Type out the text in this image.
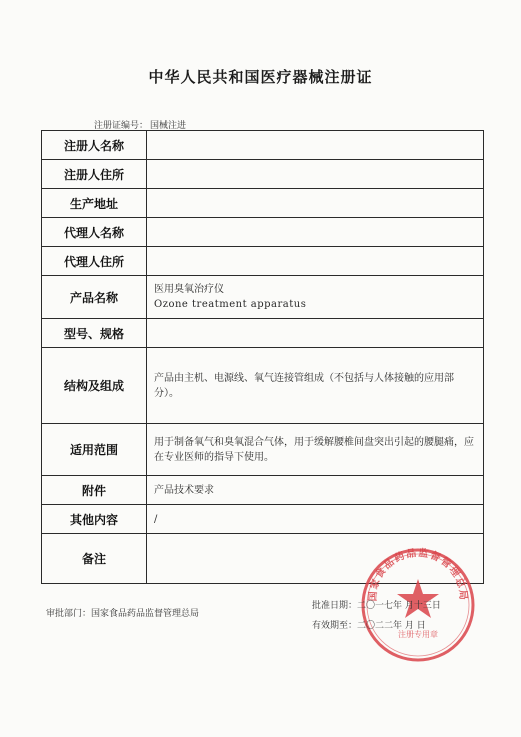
中华人民共和国医疗器械注册证
注册证编号： 国械注进
注册人名称	
注册人住所	
生产地址	
代理人名称	
代理人住所	
产品名称	医用臭氧治疗仪
Ozone treatment apparatus

型号、规格	
结构及组成	产品由主机、电源线、氧气连接管组成（不包括与人体接触的应用部分）。
适用范围	用于制备氧气和臭氧混合气体，用于缓解腰椎间盘突出引起的腰腿痛，应在专业医师的指导下使用。
附件	产品技术要求
其他内容	/
备注	
审批部门：国家食品药品监督管理总局
国家食品药品监督管理总局
注册专用章
批准日期：二〇一七年 月十三日
有效期至：二〇二二年 月 日
